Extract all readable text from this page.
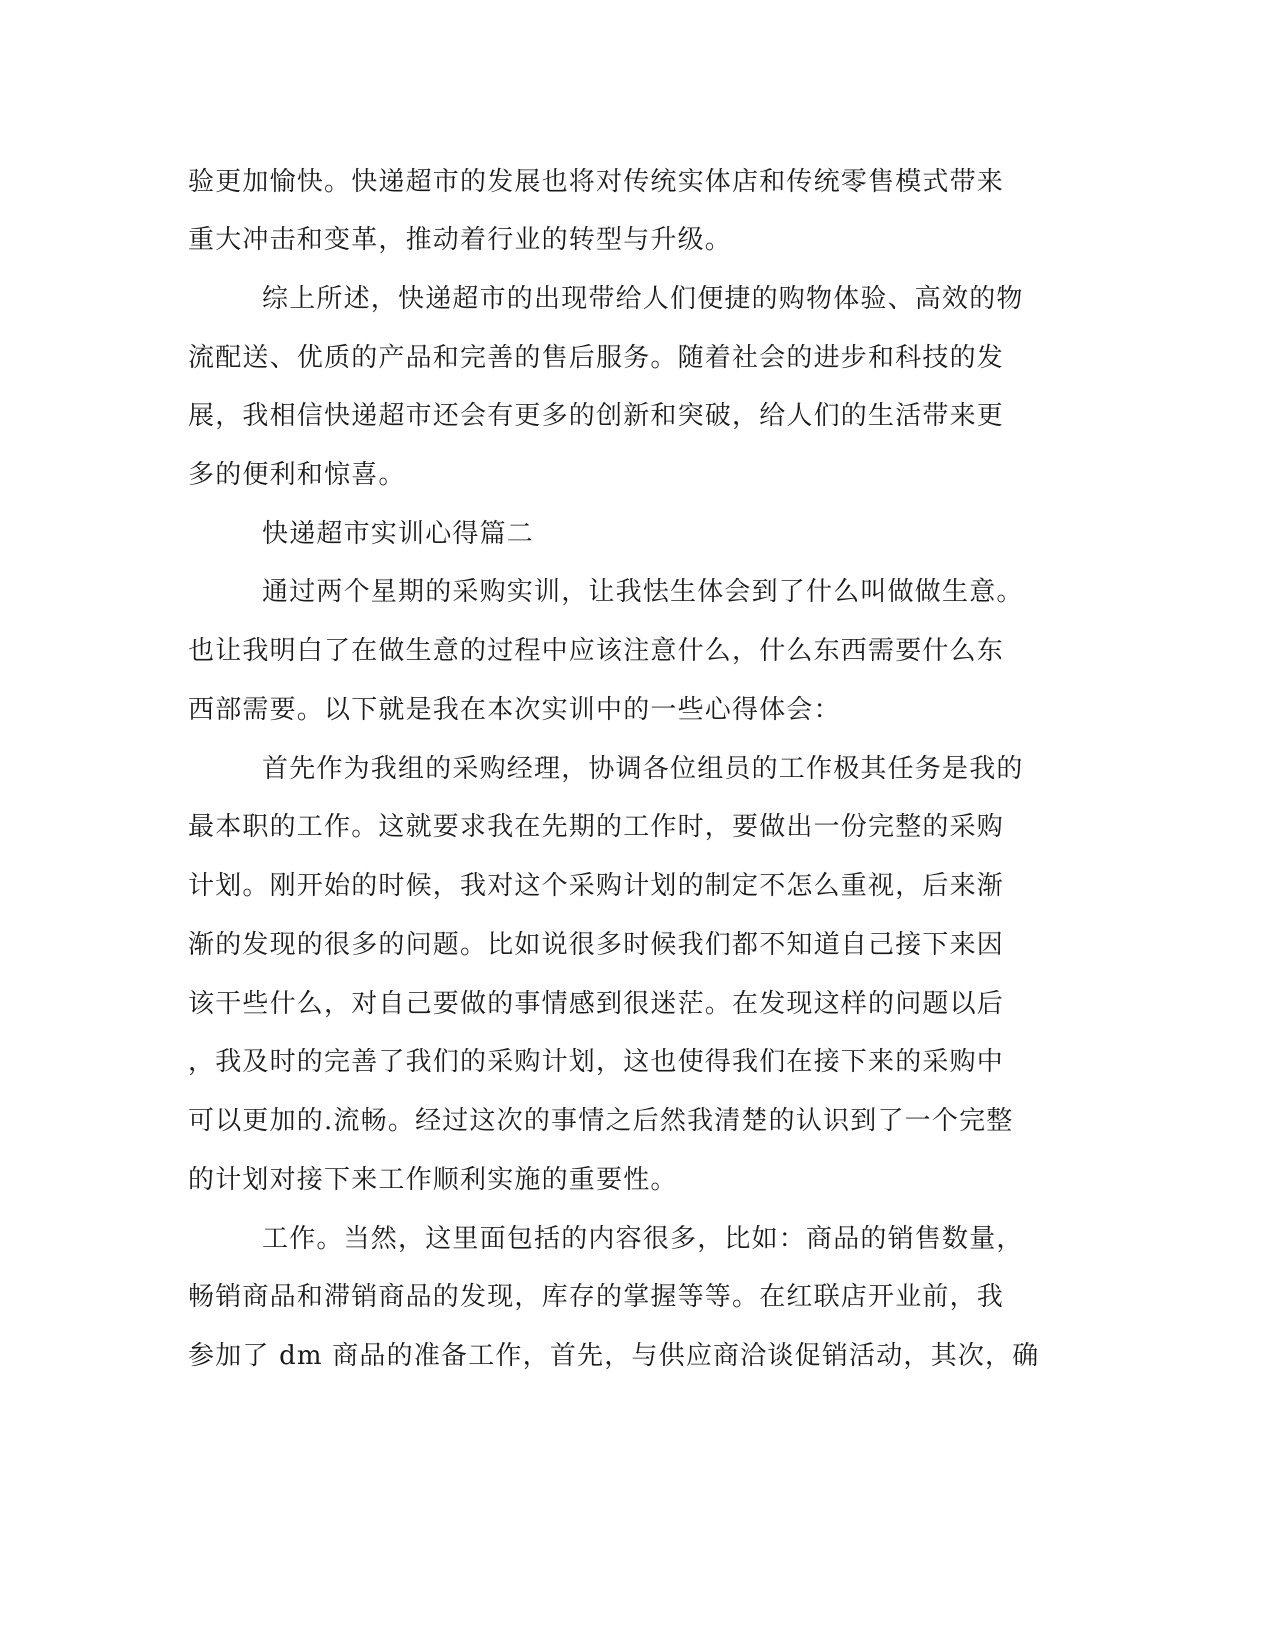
验更加愉快。快递超市的发展也将对传统实体店和传统零售模式带来

重大冲击和变革，推动着行业的转型与升级。

综上所述，快递超市的出现带给人们便捷的购物体验、高效的物

流配送、优质的产品和完善的售后服务。随着社会的进步和科技的发

展，我相信快递超市还会有更多的创新和突破，给人们的生活带来更

多的便利和惊喜。

快递超市实训心得篇二

通过两个星期的采购实训，让我怯生体会到了什么叫做做生意。

也让我明白了在做生意的过程中应该注意什么，什么东西需要什么东

西部需要。以下就是我在本次实训中的一些心得体会：

首先作为我组的采购经理，协调各位组员的工作极其任务是我的

最本职的工作。这就要求我在先期的工作时，要做出一份完整的采购

计划。刚开始的时候，我对这个采购计划的制定不怎么重视，后来渐

渐的发现的很多的问题。比如说很多时候我们都不知道自己接下来因

该干些什么，对自己要做的事情感到很迷茫。在发现这样的问题以后

，我及时的完善了我们的采购计划，这也使得我们在接下来的采购中

可以更加的.流畅。经过这次的事情之后然我清楚的认识到了一个完整

的计划对接下来工作顺利实施的重要性。

工作。当然，这里面包括的内容很多，比如：商品的销售数量，

畅销商品和滞销商品的发现，库存的掌握等等。在红联店开业前，我

参加了 dm 商品的准备工作，首先，与供应商洽谈促销活动，其次，确
